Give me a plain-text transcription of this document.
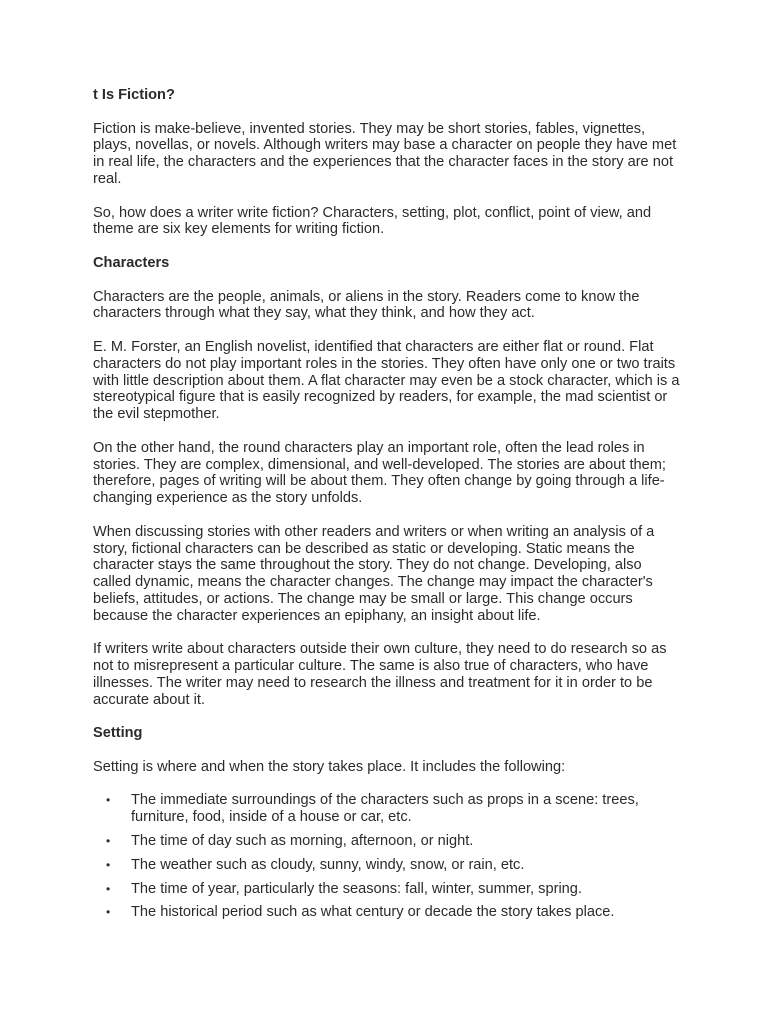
t Is Fiction?

Fiction is make-believe, invented stories. They may be short stories, fables, vignettes, plays, novellas, or novels. Although writers may base a character on people they have met in real life, the characters and the experiences that the character faces in the story are not real.

So, how does a writer write fiction? Characters, setting, plot, conflict, point of view, and theme are six key elements for writing fiction.

Characters

Characters are the people, animals, or aliens in the story. Readers come to know the characters through what they say, what they think, and how they act.

E. M. Forster, an English novelist, identified that characters are either flat or round. Flat characters do not play important roles in the stories. They often have only one or two traits with little description about them. A flat character may even be a stock character, which is a stereotypical figure that is easily recognized by readers, for example, the mad scientist or the evil stepmother.

On the other hand, the round characters play an important role, often the lead roles in stories. They are complex, dimensional, and well-developed. The stories are about them; therefore, pages of writing will be about them. They often change by going through a life-changing experience as the story unfolds.

When discussing stories with other readers and writers or when writing an analysis of a story, fictional characters can be described as static or developing. Static means the character stays the same throughout the story. They do not change. Developing, also called dynamic, means the character changes. The change may impact the character's beliefs, attitudes, or actions. The change may be small or large. This change occurs because the character experiences an epiphany, an insight about life.

If writers write about characters outside their own culture, they need to do research so as not to misrepresent a particular culture. The same is also true of characters, who have illnesses. The writer may need to research the illness and treatment for it in order to be accurate about it.

Setting

Setting is where and when the story takes place. It includes the following:

• The immediate surroundings of the characters such as props in a scene: trees, furniture, food, inside of a house or car, etc.
• The time of day such as morning, afternoon, or night.
• The weather such as cloudy, sunny, windy, snow, or rain, etc.
• The time of year, particularly the seasons: fall, winter, summer, spring.
• The historical period such as what century or decade the story takes place.
